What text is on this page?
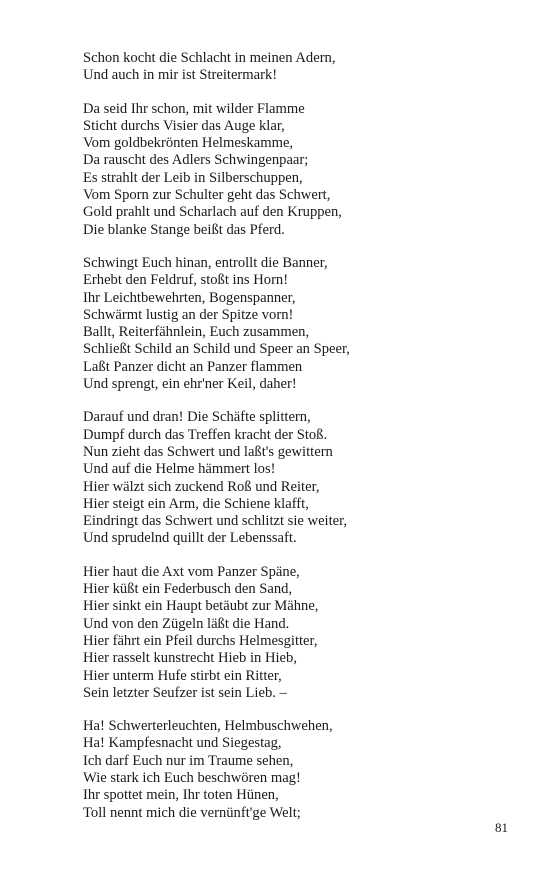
Schon kocht die Schlacht in meinen Adern,
Und auch in mir ist Streitermark!
Da seid Ihr schon, mit wilder Flamme
Sticht durchs Visier das Auge klar,
Vom goldbekrönten Helmeskamme,
Da rauscht des Adlers Schwingenpaar;
Es strahlt der Leib in Silberschuppen,
Vom Sporn zur Schulter geht das Schwert,
Gold prahlt und Scharlach auf den Kruppen,
Die blanke Stange beißt das Pferd.
Schwingt Euch hinan, entrollt die Banner,
Erhebt den Feldruf, stoßt ins Horn!
Ihr Leichtbewehrten, Bogenspanner,
Schwärmt lustig an der Spitze vorn!
Ballt, Reiterfähnlein, Euch zusammen,
Schließt Schild an Schild und Speer an Speer,
Laßt Panzer dicht an Panzer flammen
Und sprengt, ein ehr'ner Keil, daher!
Darauf und dran! Die Schäfte splittern,
Dumpf durch das Treffen kracht der Stoß.
Nun zieht das Schwert und laßt's gewittern
Und auf die Helme hämmert los!
Hier wälzt sich zuckend Roß und Reiter,
Hier steigt ein Arm, die Schiene klafft,
Eindringt das Schwert und schlitzt sie weiter,
Und sprudelnd quillt der Lebenssaft.
Hier haut die Axt vom Panzer Späne,
Hier küßt ein Federbusch den Sand,
Hier sinkt ein Haupt betäubt zur Mähne,
Und von den Zügeln läßt die Hand.
Hier fährt ein Pfeil durchs Helmesgitter,
Hier rasselt kunstrecht Hieb in Hieb,
Hier unterm Hufe stirbt ein Ritter,
Sein letzter Seufzer ist sein Lieb. –
Ha! Schwerterleuchten, Helmbuschwehen,
Ha! Kampfesnacht und Siegestag,
Ich darf Euch nur im Traume sehen,
Wie stark ich Euch beschwören mag!
Ihr spottet mein, Ihr toten Hünen,
Toll nennt mich die vernünft'ge Welt;
81
